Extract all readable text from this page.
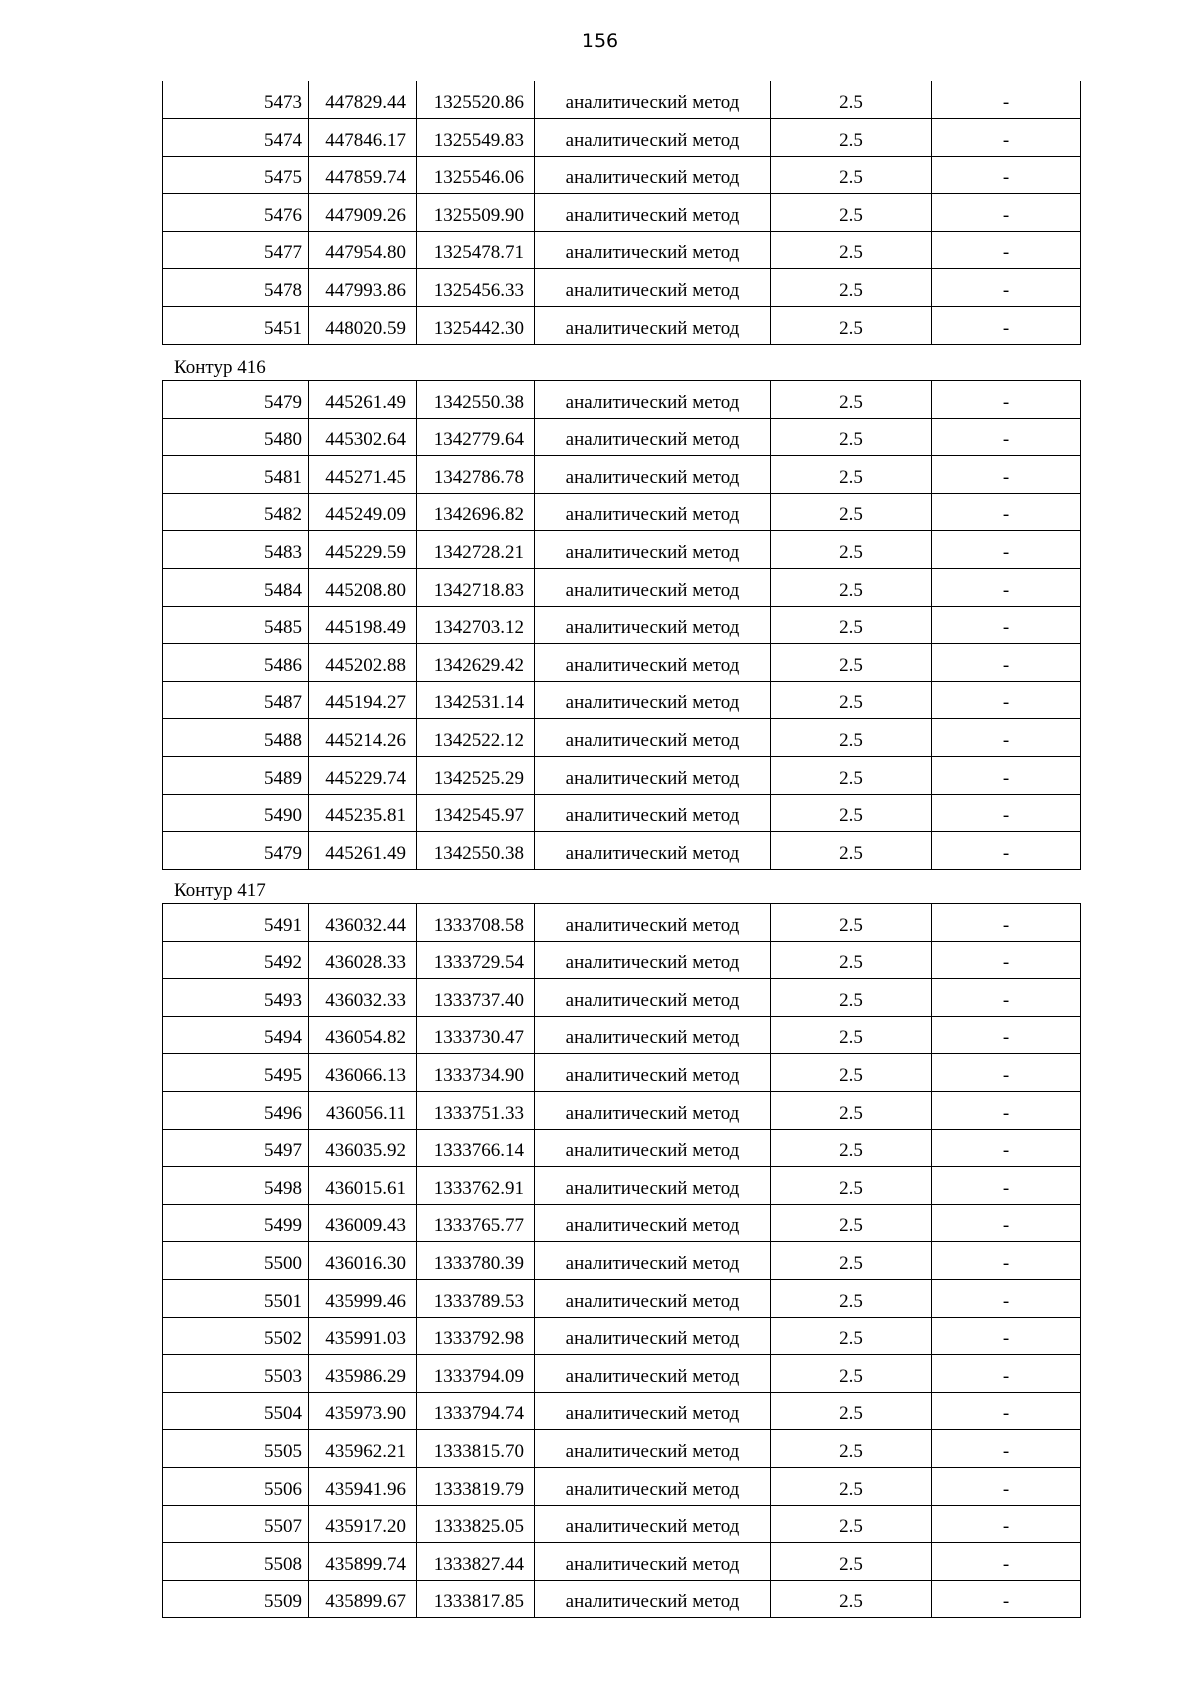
156
5473	447829.44	1325520.86	аналитический метод	2.5	-
5474	447846.17	1325549.83	аналитический метод	2.5	-
5475	447859.74	1325546.06	аналитический метод	2.5	-
5476	447909.26	1325509.90	аналитический метод	2.5	-
5477	447954.80	1325478.71	аналитический метод	2.5	-
5478	447993.86	1325456.33	аналитический метод	2.5	-
5451	448020.59	1325442.30	аналитический метод	2.5	-
Контур 416
5479	445261.49	1342550.38	аналитический метод	2.5	-
5480	445302.64	1342779.64	аналитический метод	2.5	-
5481	445271.45	1342786.78	аналитический метод	2.5	-
5482	445249.09	1342696.82	аналитический метод	2.5	-
5483	445229.59	1342728.21	аналитический метод	2.5	-
5484	445208.80	1342718.83	аналитический метод	2.5	-
5485	445198.49	1342703.12	аналитический метод	2.5	-
5486	445202.88	1342629.42	аналитический метод	2.5	-
5487	445194.27	1342531.14	аналитический метод	2.5	-
5488	445214.26	1342522.12	аналитический метод	2.5	-
5489	445229.74	1342525.29	аналитический метод	2.5	-
5490	445235.81	1342545.97	аналитический метод	2.5	-
5479	445261.49	1342550.38	аналитический метод	2.5	-
Контур 417
5491	436032.44	1333708.58	аналитический метод	2.5	-
5492	436028.33	1333729.54	аналитический метод	2.5	-
5493	436032.33	1333737.40	аналитический метод	2.5	-
5494	436054.82	1333730.47	аналитический метод	2.5	-
5495	436066.13	1333734.90	аналитический метод	2.5	-
5496	436056.11	1333751.33	аналитический метод	2.5	-
5497	436035.92	1333766.14	аналитический метод	2.5	-
5498	436015.61	1333762.91	аналитический метод	2.5	-
5499	436009.43	1333765.77	аналитический метод	2.5	-
5500	436016.30	1333780.39	аналитический метод	2.5	-
5501	435999.46	1333789.53	аналитический метод	2.5	-
5502	435991.03	1333792.98	аналитический метод	2.5	-
5503	435986.29	1333794.09	аналитический метод	2.5	-
5504	435973.90	1333794.74	аналитический метод	2.5	-
5505	435962.21	1333815.70	аналитический метод	2.5	-
5506	435941.96	1333819.79	аналитический метод	2.5	-
5507	435917.20	1333825.05	аналитический метод	2.5	-
5508	435899.74	1333827.44	аналитический метод	2.5	-
5509	435899.67	1333817.85	аналитический метод	2.5	-
